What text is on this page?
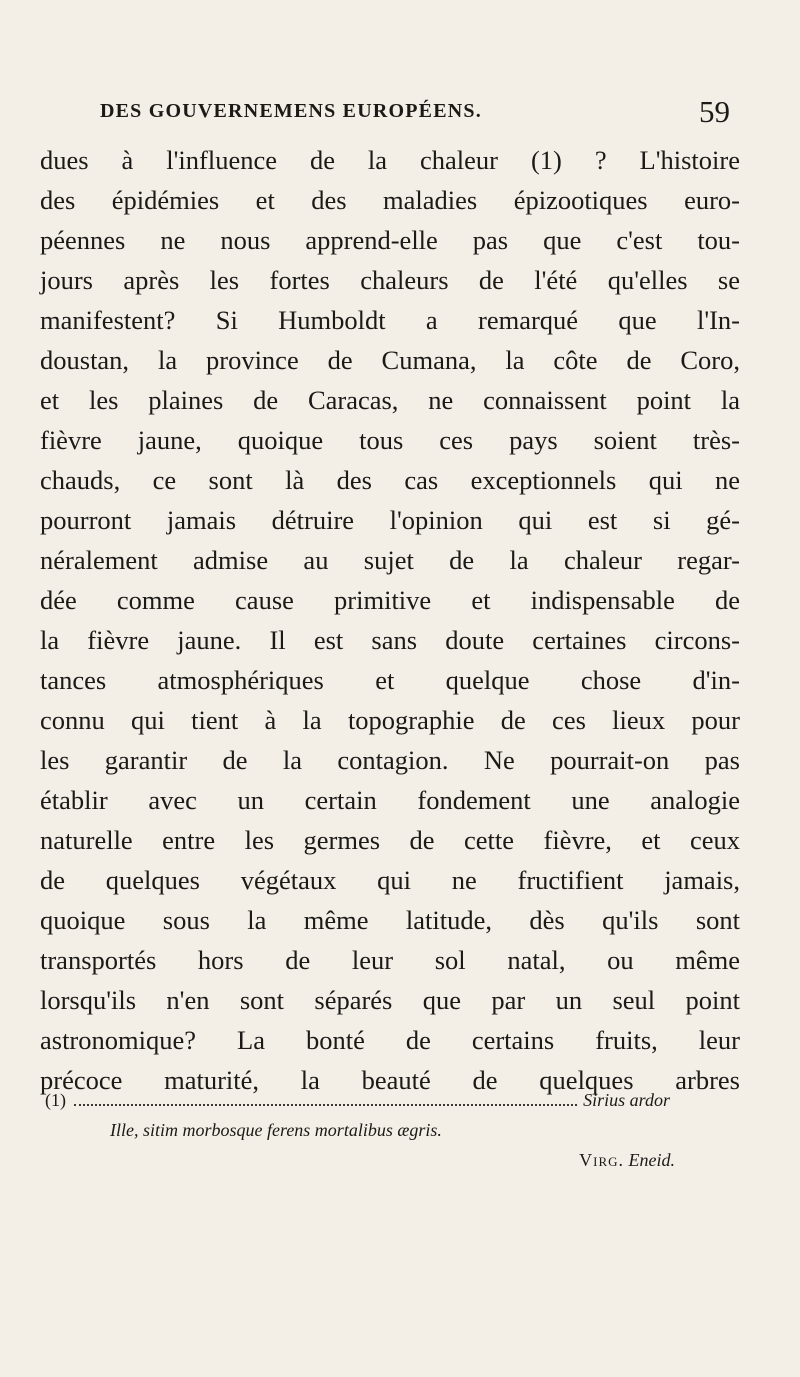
DES GOUVERNEMENS EUROPÉENS.	59
dues à l'influence de la chaleur (1) ? L'histoire
des épidémies et des maladies épizootiques euro-
péennes ne nous apprend-elle pas que c'est tou-
jours après les fortes chaleurs de l'été qu'elles se
manifestent? Si Humboldt a remarqué que l'In-
doustan, la province de Cumana, la côte de Coro,
et les plaines de Caracas, ne connaissent point la
fièvre jaune, quoique tous ces pays soient très-
chauds, ce sont là des cas exceptionnels qui ne
pourront jamais détruire l'opinion qui est si gé-
néralement admise au sujet de la chaleur regar-
dée comme cause primitive et indispensable de
la fièvre jaune. Il est sans doute certaines circons-
tances atmosphériques et quelque chose d'in-
connu qui tient à la topographie de ces lieux pour
les garantir de la contagion. Ne pourrait-on pas
établir avec un certain fondement une analogie
naturelle entre les germes de cette fièvre, et ceux
de quelques végétaux qui ne fructifient jamais,
quoique sous la même latitude, dès qu'ils sont
transportés hors de leur sol natal, ou même
lorsqu'ils n'en sont séparés que par un seul point
astronomique? La bonté de certains fruits, leur
précoce maturité, la beauté de quelques arbres
(1)	Sirius ardor
Ille, sitim morbosque ferens mortalibus ægris.
Virg. Eneid.
